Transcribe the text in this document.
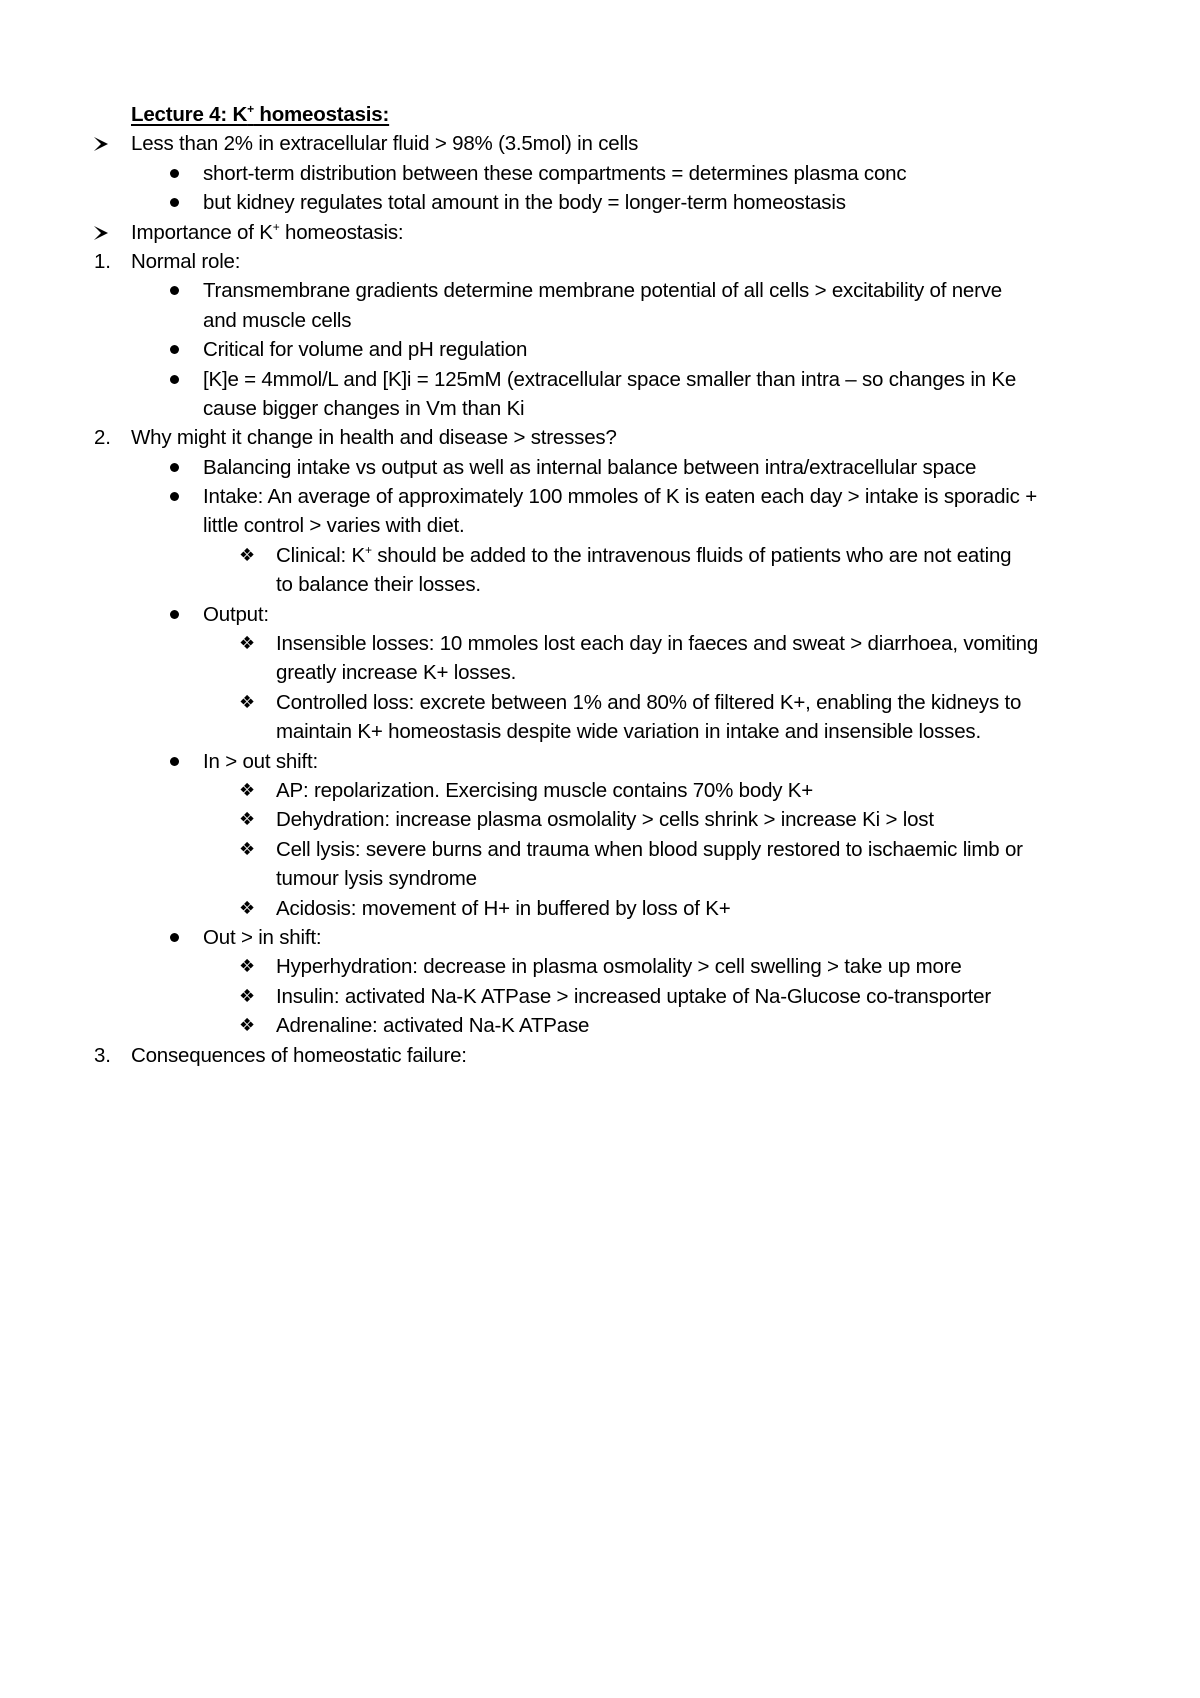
Lecture 4: K+ homeostasis:
Less than 2% in extracellular fluid > 98% (3.5mol) in cells
short-term distribution between these compartments = determines plasma conc
but kidney regulates total amount in the body = longer-term homeostasis
Importance of K+ homeostasis:
1. Normal role:
Transmembrane gradients determine membrane potential of all cells > excitability of nerve
and muscle cells
Critical for volume and pH regulation
[K]e = 4mmol/L and [K]i = 125mM (extracellular space smaller than intra – so changes in Ke
cause bigger changes in Vm than Ki
2. Why might it change in health and disease > stresses?
Balancing intake vs output as well as internal balance between intra/extracellular space
Intake: An average of approximately 100 mmoles of K is eaten each day > intake is sporadic +
little control > varies with diet.
❖ Clinical: K+ should be added to the intravenous fluids of patients who are not eating
to balance their losses.
Output:
❖ Insensible losses: 10 mmoles lost each day in faeces and sweat > diarrhoea, vomiting
greatly increase K+ losses.
❖ Controlled loss: excrete between 1% and 80% of filtered K+, enabling the kidneys to
maintain K+ homeostasis despite wide variation in intake and insensible losses.
In > out shift:
❖ AP: repolarization. Exercising muscle contains 70% body K+
❖ Dehydration: increase plasma osmolality > cells shrink > increase Ki > lost
❖ Cell lysis: severe burns and trauma when blood supply restored to ischaemic limb or
tumour lysis syndrome
❖ Acidosis: movement of H+ in buffered by loss of K+
Out > in shift:
❖ Hyperhydration: decrease in plasma osmolality > cell swelling > take up more
❖ Insulin: activated Na-K ATPase > increased uptake of Na-Glucose co-transporter
❖ Adrenaline: activated Na-K ATPase
3. Consequences of homeostatic failure:
